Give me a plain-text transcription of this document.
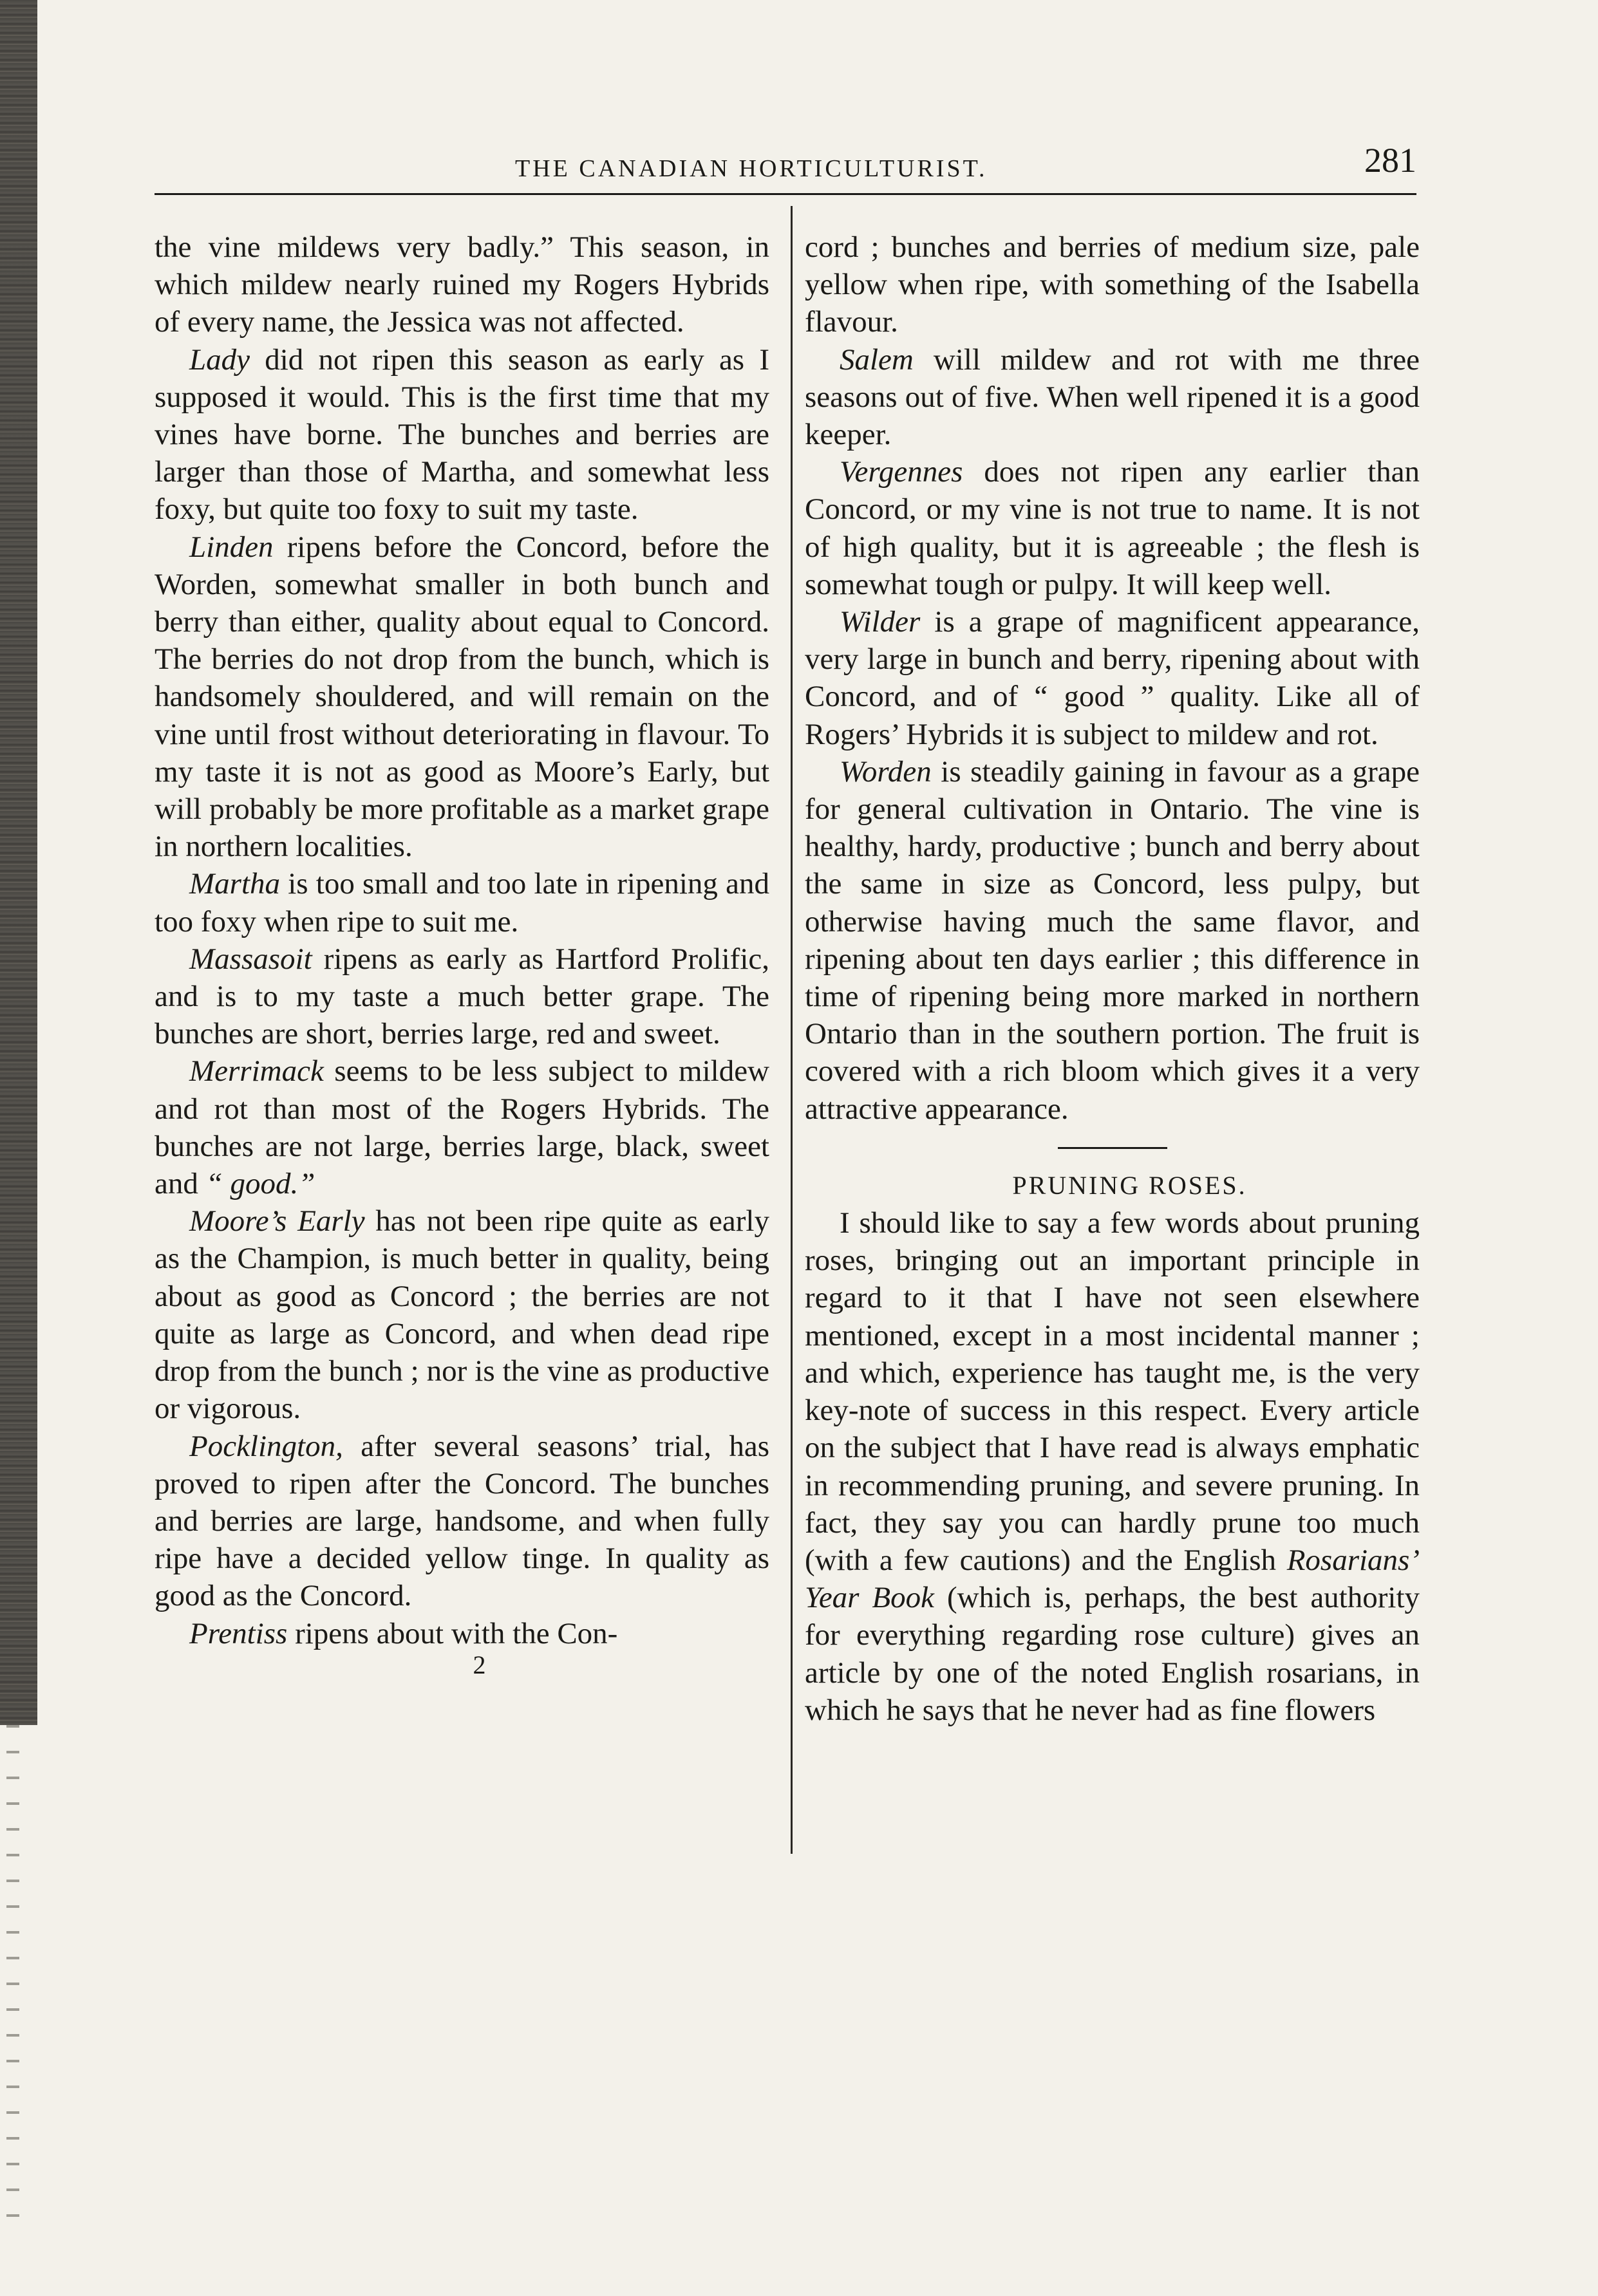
THE CANADIAN HORTICULTURIST.	281

the vine mildews very badly.” This season, in which mildew nearly ruined my Rogers Hybrids of every name, the Jessica was not affected.

Lady did not ripen this season as early as I supposed it would. This is the first time that my vines have borne. The bunches and berries are larger than those of Martha, and somewhat less foxy, but quite too foxy to suit my taste.

Linden ripens before the Concord, before the Worden, somewhat smaller in both bunch and berry than either, quality about equal to Concord. The berries do not drop from the bunch, which is handsomely shouldered, and will remain on the vine until frost without deteriorating in flavour. To my taste it is not as good as Moore’s Early, but will probably be more profitable as a market grape in northern localities.

Martha is too small and too late in ripening and too foxy when ripe to suit me.

Massasoit ripens as early as Hartford Prolific, and is to my taste a much better grape. The bunches are short, berries large, red and sweet.

Merrimack seems to be less subject to mildew and rot than most of the Rogers Hybrids. The bunches are not large, berries large, black, sweet and “ good.”

Moore’s Early has not been ripe quite as early as the Champion, is much better in quality, being about as good as Concord ; the berries are not quite as large as Concord, and when dead ripe drop from the bunch ; nor is the vine as productive or vigorous.

Pocklington, after several seasons’ trial, has proved to ripen after the Concord. The bunches and berries are large, handsome, and when fully ripe have a decided yellow tinge. In quality as good as the Concord.

Prentiss ripens about with the Con-

2

cord ; bunches and berries of medium size, pale yellow when ripe, with something of the Isabella flavour.

Salem will mildew and rot with me three seasons out of five. When well ripened it is a good keeper.

Vergennes does not ripen any earlier than Concord, or my vine is not true to name. It is not of high quality, but it is agreeable ; the flesh is somewhat tough or pulpy. It will keep well.

Wilder is a grape of magnificent appearance, very large in bunch and berry, ripening about with Concord, and of “ good ” quality. Like all of Rogers’ Hybrids it is subject to mildew and rot.

Worden is steadily gaining in favour as a grape for general cultivation in Ontario. The vine is healthy, hardy, productive ; bunch and berry about the same in size as Concord, less pulpy, but otherwise having much the same flavor, and ripening about ten days earlier ; this difference in time of ripening being more marked in northern Ontario than in the southern portion. The fruit is covered with a rich bloom which gives it a very attractive appearance.

PRUNING ROSES.

I should like to say a few words about pruning roses, bringing out an important principle in regard to it that I have not seen elsewhere mentioned, except in a most incidental manner ; and which, experience has taught me, is the very key-note of success in this respect. Every article on the subject that I have read is always emphatic in recommending pruning, and severe pruning. In fact, they say you can hardly prune too much (with a few cautions) and the English Rosarians’ Year Book (which is, perhaps, the best authority for everything regarding rose culture) gives an article by one of the noted English rosarians, in which he says that he never had as fine flowers
